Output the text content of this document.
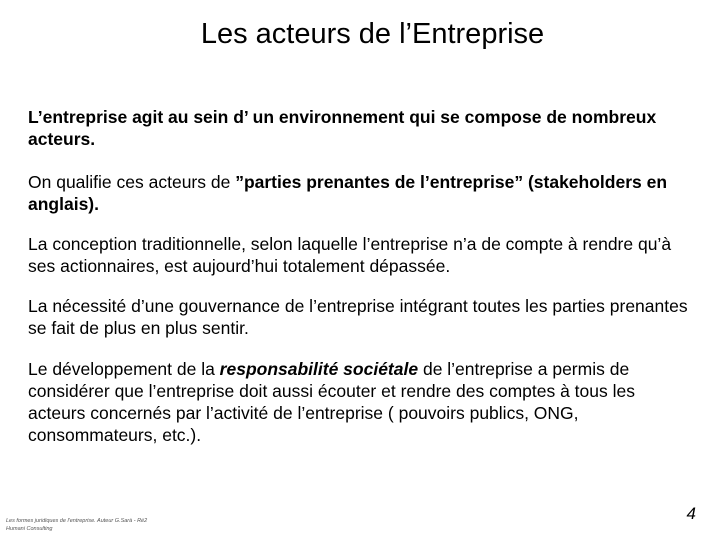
Les acteurs de l’Entreprise
L’entreprise agit au sein d’ un environnement qui se compose de nombreux acteurs.
On qualifie ces acteurs de ”parties prenantes de l’entreprise” (stakeholders en anglais).
La conception traditionnelle, selon laquelle l’entreprise n’a de compte à rendre qu’à ses actionnaires, est aujourd’hui totalement dépassée.
La nécessité d’une gouvernance de l’entreprise intégrant toutes les parties prenantes se fait de plus en plus sentir.
Le développement de la responsabilité sociétale de l’entreprise a permis de considérer que l’entreprise doit aussi écouter et rendre des comptes à tous les acteurs concernés par l’activité de l’entreprise ( pouvoirs publics, ONG, consommateurs, etc.).
Les formes juridiques de l'entreprise. Auteur G.Sarà - Ré2 Humani Consulting
4
